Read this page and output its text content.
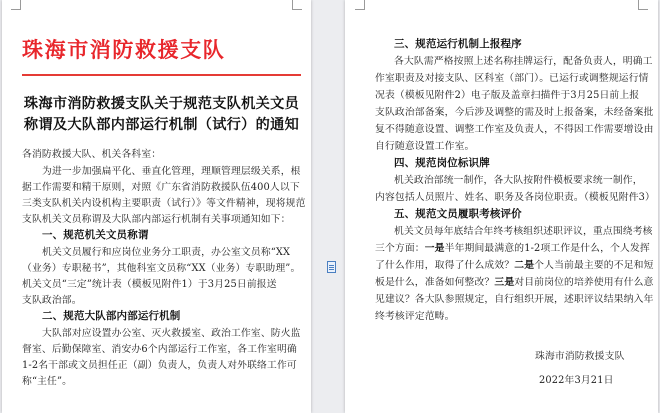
珠海市消防救援支队
珠海市消防救援支队关于规范支队机关文员
称谓及大队部内部运行机制（试行）的通知
各消防救援大队、机关各科室：
为进一步加强扁平化、垂直化管理，理顺管理层级关系，根
据工作需要和精干原则，对照《广东省消防救援队伍400人以下
三类支队机关内设机构主要职责（试行）》等文件精神，现将规范
支队机关文员称谓及大队部内部运行机制有关事项通知如下：
一、规范机关文员称谓
机关文员履行和应岗位业务分工职责，办公室文员称“XX
（业务）专职秘书”，其他科室文员称“XX（业务）专职助理”。
机关文员“三定”统计表（模板见附件1）于3月25日前报送
支队政治部。
二、规范大队部内部运行机制
大队部对应设置办公室、灭火救援室、政治工作室、防火监
督室、后勤保障室、消安办6个内部运行工作室，各工作室明确
1-2名干部或文员担任正（副）负责人，负责人对外联络工作可
称“主任”。
三、规范运行机制上报程序
各大队需严格按照上述名称挂牌运行，配备负责人，明确工
作室职责及对接支队、区科室（部门）。已运行或调整规运行情
况表（模板见附件2）电子版及盖章扫描件于3月25日前上报
支队政治部备案，今后涉及调整的需及时上报备案，未经备案批
复不得随意设置、调整工作室及负责人，不得因工作需要增设由
自行随意设置工作室。
四、规范岗位标识牌
机关政治部统一制作，各大队按附件模板要求统一制作，
内容包括人员照片、姓名、职务及各岗位职责。（模板见附件3）
五、规范文员履职考核评价
机关文员每年底结合年终考核组织述职评议，重点围绕考核
三个方面：一是半年期间最满意的1-2项工作是什么，个人发挥
了什么作用，取得了什么成效？二是个人当前最主要的不足和短
板是什么，准备如何整改？三是对目前岗位的培养使用有什么意
见建议？各大队参照规定，自行组织开展，述职评议结果纳入年
终考核评定范畴。
珠海市消防救援支队
2022年3月21日
